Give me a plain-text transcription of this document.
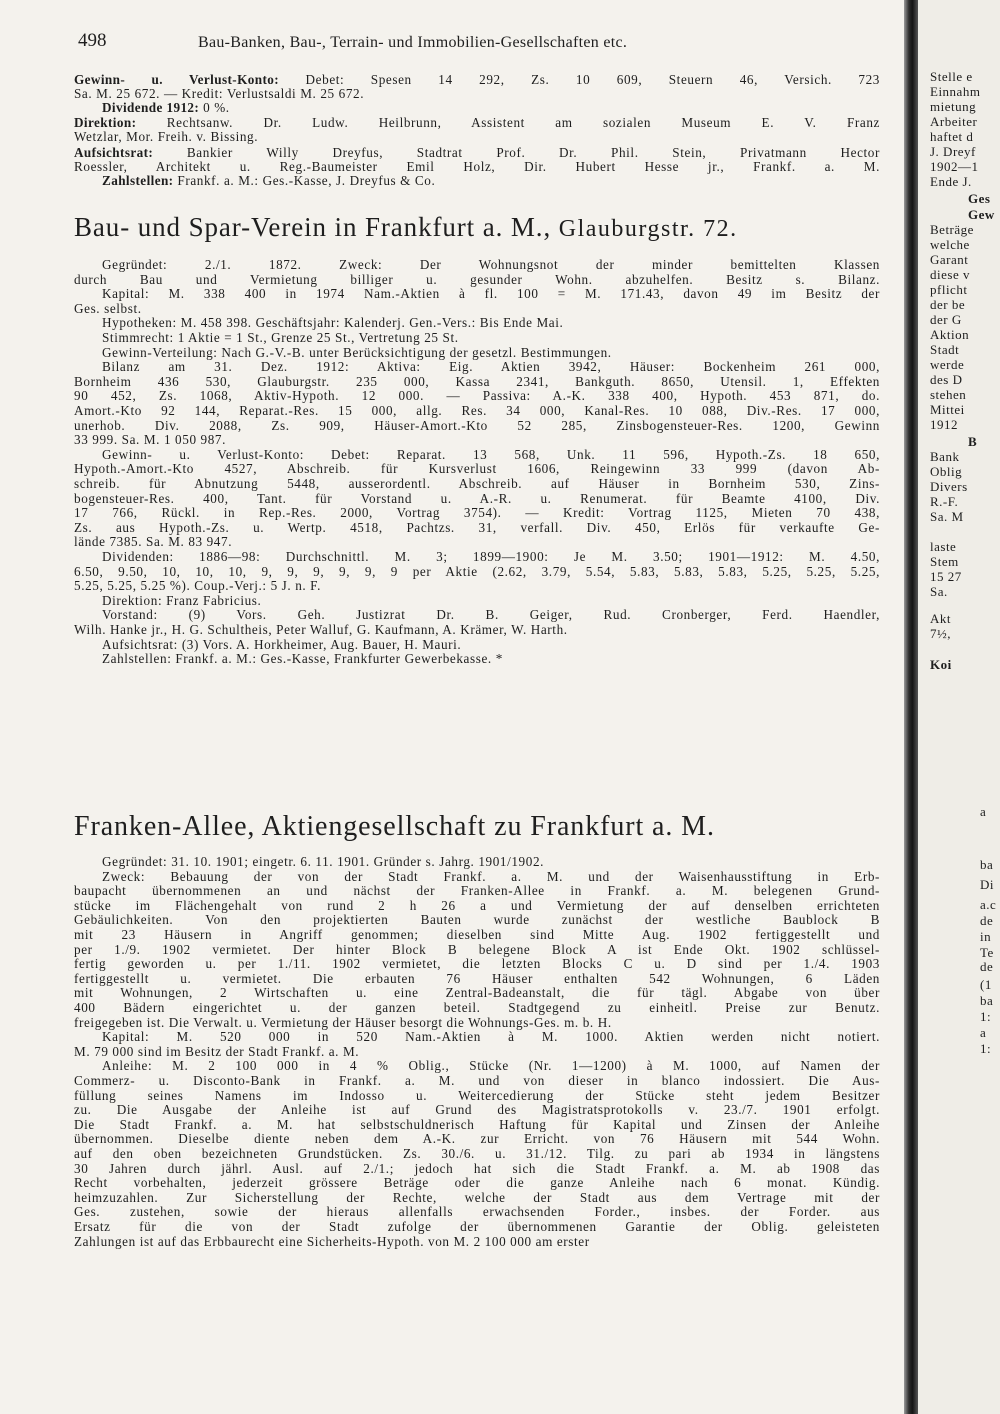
498	Bau-Banken, Bau-, Terrain- und Immobilien-Gesellschaften etc.
Gewinn- u. Verlust-Konto: Debet: Spesen 14 292, Zs. 10 609, Steuern 46, Versich. 723
Sa. M. 25 672. — Kredit: Verlustsaldi M. 25 672.
Dividende 1912: 0 %.
Direktion: Rechtsanw. Dr. Ludw. Heilbrunn, Assistent am sozialen Museum E. V. Franz
Wetzlar, Mor. Freih. v. Bissing.
Aufsichtsrat:	Bankier Willy Dreyfus, Stadtrat Prof. Dr. Phil. Stein, Privatmann Hector
Roessler, Architekt u. Reg.-Baumeister Emil Holz, Dir. Hubert Hesse jr., Frankf. a. M.
Zahlstellen: Frankf. a. M.: Ges.-Kasse, J. Dreyfus & Co.
Bau- und Spar-Verein in Frankfurt a. M., Glauburgstr. 72.
Gegründet: 2./1. 1872. Zweck: Der Wohnungsnot der minder bemittelten Klassen
durch Bau und Vermietung billiger u. gesunder Wohn. abzuhelfen. Besitz s. Bilanz.
Kapital: M. 338 400 in 1974 Nam.-Aktien à fl. 100 = M. 171.43, davon 49 im Besitz der
Ges. selbst.
Hypotheken: M. 458 398. Geschäftsjahr: Kalenderj. Gen.-Vers.: Bis Ende Mai.
Stimmrecht: 1 Aktie = 1 St., Grenze 25 St., Vertretung 25 St.
Gewinn-Verteilung: Nach G.-V.-B. unter Berücksichtigung der gesetzl. Bestimmungen.
Bilanz am 31. Dez. 1912: Aktiva: Eig. Aktien 3942, Häuser: Bockenheim 261 000,
Bornheim 436 530, Glauburgstr. 235 000, Kassa 2341, Bankguth. 8650, Utensil. 1, Effekten
90 452, Zs. 1068, Aktiv-Hypoth. 12 000. — Passiva: A.-K. 338 400, Hypoth. 453 871, do.
Amort.-Kto 92 144, Reparat.-Res. 15 000, allg. Res. 34 000, Kanal-Res. 10 088, Div.-Res. 17 000,
unerhob. Div. 2088, Zs. 909, Häuser-Amort.-Kto 52 285, Zinsbogensteuer-Res. 1200, Gewinn
33 999. Sa. M. 1 050 987.
Gewinn- u. Verlust-Konto: Debet: Reparat. 13 568, Unk. 11 596, Hypoth.-Zs. 18 650,
Hypoth.-Amort.-Kto 4527, Abschreib. für Kursverlust 1606, Reingewinn 33 999 (davon Ab-
schreib. für Abnutzung 5448, ausserordentl. Abschreib. auf Häuser in Bornheim 530, Zins-
bogensteuer-Res. 400, Tant. für Vorstand u. A.-R. u. Renumerat. für Beamte 4100, Div.
17 766, Rückl. in Rep.-Res. 2000, Vortrag 3754). — Kredit: Vortrag 1125, Mieten 70 438,
Zs. aus Hypoth.-Zs. u. Wertp. 4518, Pachtzs. 31, verfall. Div. 450, Erlös für verkaufte Ge-
lände 7385. Sa. M. 83 947.
Dividenden: 1886—98: Durchschnittl. M. 3; 1899—1900: Je M. 3.50; 1901—1912: M. 4.50,
6.50, 9.50, 10, 10, 10, 9, 9, 9, 9, 9, 9 per Aktie (2.62, 3.79, 5.54, 5.83, 5.83, 5.83, 5.25, 5.25, 5.25,
5.25, 5.25, 5.25 %). Coup.-Verj.: 5 J. n. F.
Direktion: Franz Fabricius.
Vorstand: (9) Vors. Geh. Justizrat Dr. B. Geiger, Rud. Cronberger, Ferd. Haendler,
Wilh. Hanke jr., H. G. Schultheis, Peter Walluf, G. Kaufmann, A. Krämer, W. Harth.
Aufsichtsrat: (3) Vors. A. Horkheimer, Aug. Bauer, H. Mauri.
Zahlstellen: Frankf. a. M.: Ges.-Kasse, Frankfurter Gewerbekasse. *
Franken-Allee, Aktiengesellschaft zu Frankfurt a. M.
Gegründet: 31. 10. 1901; eingetr. 6. 11. 1901. Gründer s. Jahrg. 1901/1902.
Zweck: Bebauung der von der Stadt Frankf. a. M. und der Waisenhausstiftung in Erb-
baupacht übernommenen an und nächst der Franken-Allee in Frankf. a. M. belegenen Grund-
stücke im Flächengehalt von rund 2 h 26 a und Vermietung der auf denselben errichteten
Gebäulichkeiten. Von den projektierten Bauten wurde zunächst der westliche Baublock B
mit 23 Häusern in Angriff genommen; dieselben sind Mitte Aug. 1902 fertiggestellt und
per 1./9. 1902 vermietet. Der hinter Block B belegene Block A ist Ende Okt. 1902 schlüssel-
fertig geworden u. per 1./11. 1902 vermietet, die letzten Blocks C u. D sind per 1./4. 1903
fertiggestellt u. vermietet. Die erbauten 76 Häuser enthalten 542 Wohnungen, 6 Läden
mit Wohnungen, 2 Wirtschaften u. eine Zentral-Badeanstalt, die für tägl. Abgabe von über
400 Bädern eingerichtet u. der ganzen beteil. Stadtgegend zu einheitl. Preise zur Benutz.
freigegeben ist. Die Verwalt. u. Vermietung der Häuser besorgt die Wohnungs-Ges. m. b. H.
Kapital: M. 520 000 in 520 Nam.-Aktien à M. 1000. Aktien werden nicht notiert.
M. 79 000 sind im Besitz der Stadt Frankf. a. M.
Anleihe: M. 2 100 000 in 4 % Oblig., Stücke (Nr. 1—1200) à M. 1000, auf Namen der
Commerz- u. Disconto-Bank in Frankf. a. M. und von dieser in blanco indossiert. Die Aus-
füllung seines Namens im Indosso u. Weitercedierung der Stücke steht jedem Besitzer
zu. Die Ausgabe der Anleihe ist auf Grund des Magistratsprotokolls v. 23./7. 1901 erfolgt.
Die Stadt Frankf. a. M. hat selbstschuldnerisch Haftung für Kapital und Zinsen der Anleihe
übernommen. Dieselbe diente neben dem A.-K. zur Erricht. von 76 Häusern mit 544 Wohn.
auf den oben bezeichneten Grundstücken. Zs. 30./6. u. 31./12. Tilg. zu pari ab 1934 in längstens
30 Jahren durch jährl. Ausl. auf 2./1.; jedoch hat sich die Stadt Frankf. a. M. ab 1908 das
Recht vorbehalten, jederzeit grössere Beträge oder die ganze Anleihe nach 6 monat. Kündig.
heimzuzahlen. Zur Sicherstellung der Rechte, welche der Stadt aus dem Vertrage mit der
Ges. zustehen, sowie der hieraus allenfalls erwachsenden Forder., insbes. der Forder. aus
Ersatz für die von der Stadt zufolge der übernommenen Garantie der Oblig. geleisteten
Zahlungen ist auf das Erbbaurecht eine Sicherheits-Hypoth. von M. 2 100 000 am erster
Stelle e
Einnahm
mietung
Arbeiter
haftet d
J. Dreyf
1902—1
Ende J.
Ges
Gew
Beträge
welche
Garant
diese v
pflicht
der be
der G
Aktion
Stadt
werde
des D
stehen
Mittei
1912
B
Bank
Oblig
Divers
R.-F.
Sa. M
laste
Stem
15 27
Sa.
Akt
7½,
Koi
ba
Di
a.c
de
in
Te
de
(1
ba
1:
a
1:
a
